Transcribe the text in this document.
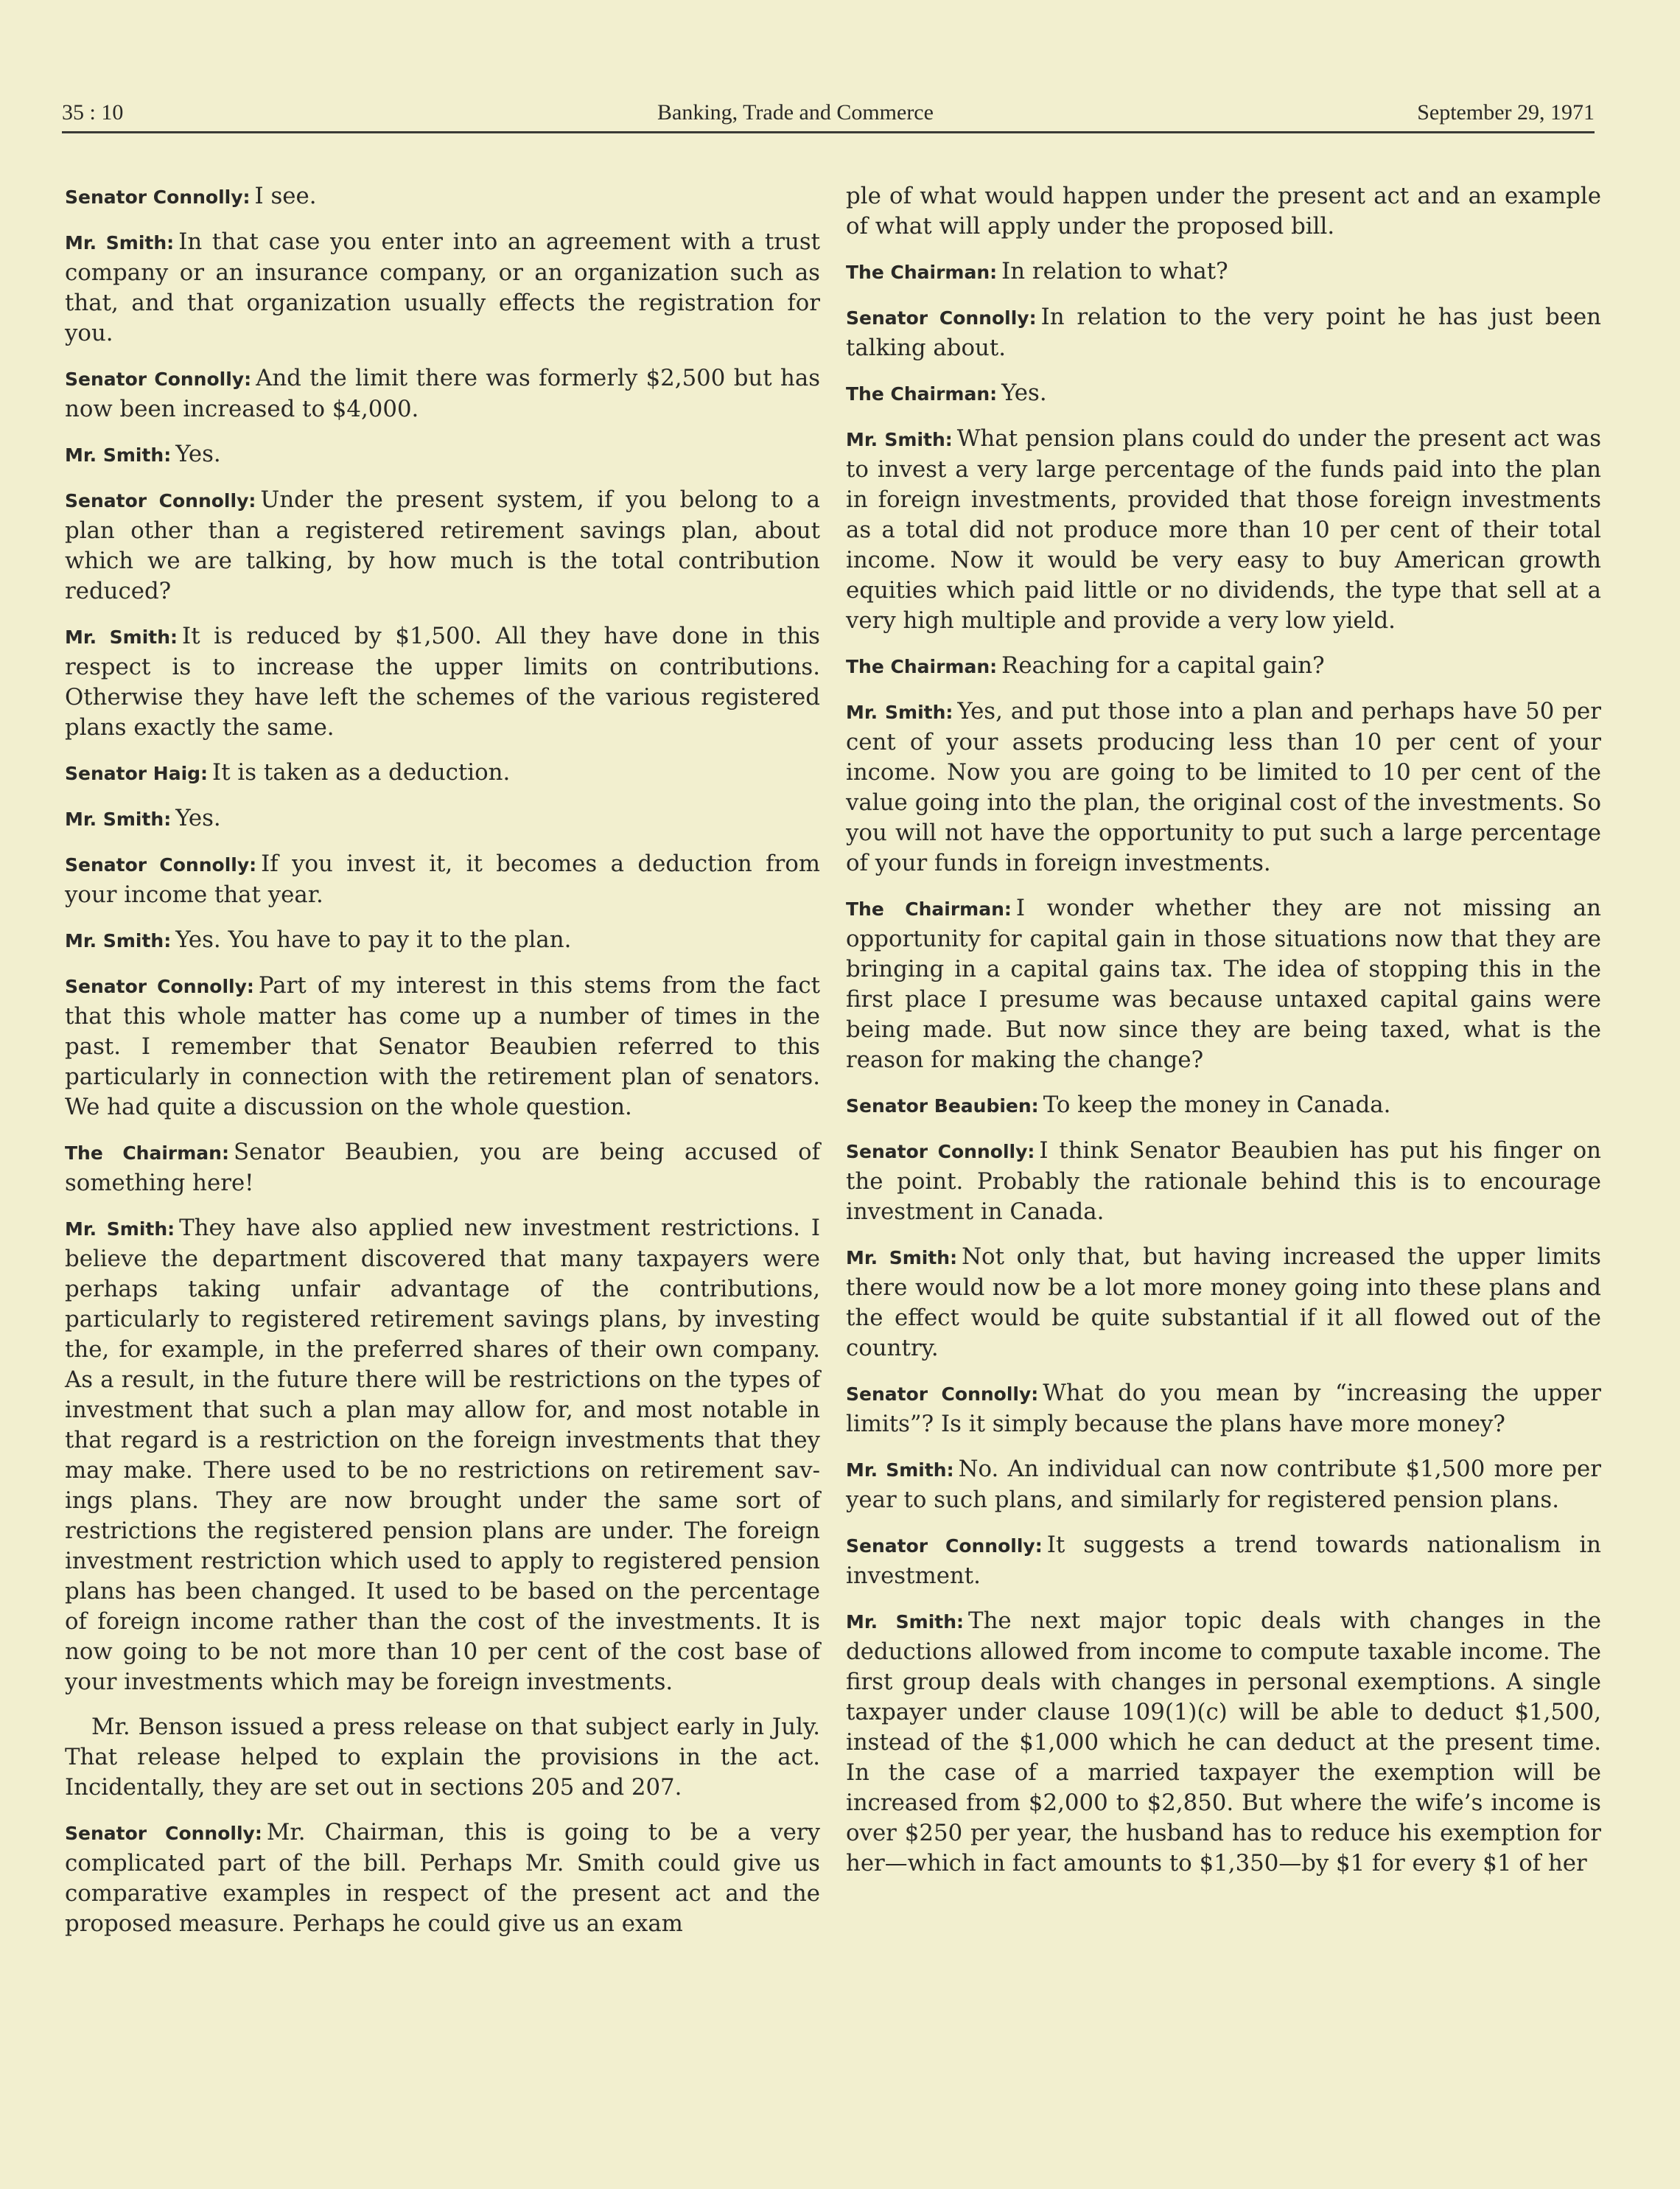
35 : 10	Banking, Trade and Commerce	September 29, 1971

Senator Connolly: I see.

Mr. Smith: In that case you enter into an agreement with a trust company or an insurance company, or an organization such as that, and that organization usually effects the registration for you.

Senator Connolly: And the limit there was formerly $2,500 but has now been increased to $4,000.

Mr. Smith: Yes.

Senator Connolly: Under the present system, if you belong to a plan other than a registered retirement savings plan, about which we are talking, by how much is the total contribution reduced?

Mr. Smith: It is reduced by $1,500. All they have done in this respect is to increase the upper limits on contributions. Otherwise they have left the schemes of the various registered plans exactly the same.

Senator Haig: It is taken as a deduction.

Mr. Smith: Yes.

Senator Connolly: If you invest it, it becomes a deduction from your income that year.

Mr. Smith: Yes. You have to pay it to the plan.

Senator Connolly: Part of my interest in this stems from the fact that this whole matter has come up a number of times in the past. I remember that Senator Beaubien referred to this particularly in connection with the retirement plan of senators. We had quite a discussion on the whole question.

The Chairman: Senator Beaubien, you are being accused of something here!

Mr. Smith: They have also applied new investment restrictions. I believe the department discovered that many taxpayers were perhaps taking unfair advantage of the contributions, particularly to registered retirement savings plans, by investing the, for example, in the preferred shares of their own company. As a result, in the future there will be restrictions on the types of investment that such a plan may allow for, and most notable in that regard is a restriction on the foreign investments that they may make. There used to be no restrictions on retirement savings plans. They are now brought under the same sort of restrictions the registered pension plans are under. The foreign investment restriction which used to apply to registered pension plans has been changed. It used to be based on the percentage of foreign income rather than the cost of the investments. It is now going to be not more than 10 per cent of the cost base of your investments which may be foreign investments.

Mr. Benson issued a press release on that subject early in July. That release helped to explain the provisions in the act. Incidentally, they are set out in sections 205 and 207.

Senator Connolly: Mr. Chairman, this is going to be a very complicated part of the bill. Perhaps Mr. Smith could give us comparative examples in respect of the present act and the proposed measure. Perhaps he could give us an exam

ple of what would happen under the present act and an example of what will apply under the proposed bill.

The Chairman: In relation to what?

Senator Connolly: In relation to the very point he has just been talking about.

The Chairman: Yes.

Mr. Smith: What pension plans could do under the present act was to invest a very large percentage of the funds paid into the plan in foreign investments, provided that those foreign investments as a total did not produce more than 10 per cent of their total income. Now it would be very easy to buy American growth equities which paid little or no dividends, the type that sell at a very high multiple and provide a very low yield.

The Chairman: Reaching for a capital gain?

Mr. Smith: Yes, and put those into a plan and perhaps have 50 per cent of your assets producing less than 10 per cent of your income. Now you are going to be limited to 10 per cent of the value going into the plan, the original cost of the investments. So you will not have the opportunity to put such a large percentage of your funds in foreign investments.

The Chairman: I wonder whether they are not missing an opportunity for capital gain in those situations now that they are bringing in a capital gains tax. The idea of stopping this in the first place I presume was because untaxed capital gains were being made. But now since they are being taxed, what is the reason for making the change?

Senator Beaubien: To keep the money in Canada.

Senator Connolly: I think Senator Beaubien has put his finger on the point. Probably the rationale behind this is to encourage investment in Canada.

Mr. Smith: Not only that, but having increased the upper limits there would now be a lot more money going into these plans and the effect would be quite substantial if it all flowed out of the country.

Senator Connolly: What do you mean by “increasing the upper limits”? Is it simply because the plans have more money?

Mr. Smith: No. An individual can now contribute $1,500 more per year to such plans, and similarly for registered pension plans.

Senator Connolly: It suggests a trend towards nationalism in investment.

Mr. Smith: The next major topic deals with changes in the deductions allowed from income to compute taxable income. The first group deals with changes in personal exemptions. A single taxpayer under clause 109(1)(c) will be able to deduct $1,500, instead of the $1,000 which he can deduct at the present time. In the case of a married taxpayer the exemption will be increased from $2,000 to $2,850. But where the wife’s income is over $250 per year, the husband has to reduce his exemption for her—which in fact amounts to $1,350—by $1 for every $1 of her
